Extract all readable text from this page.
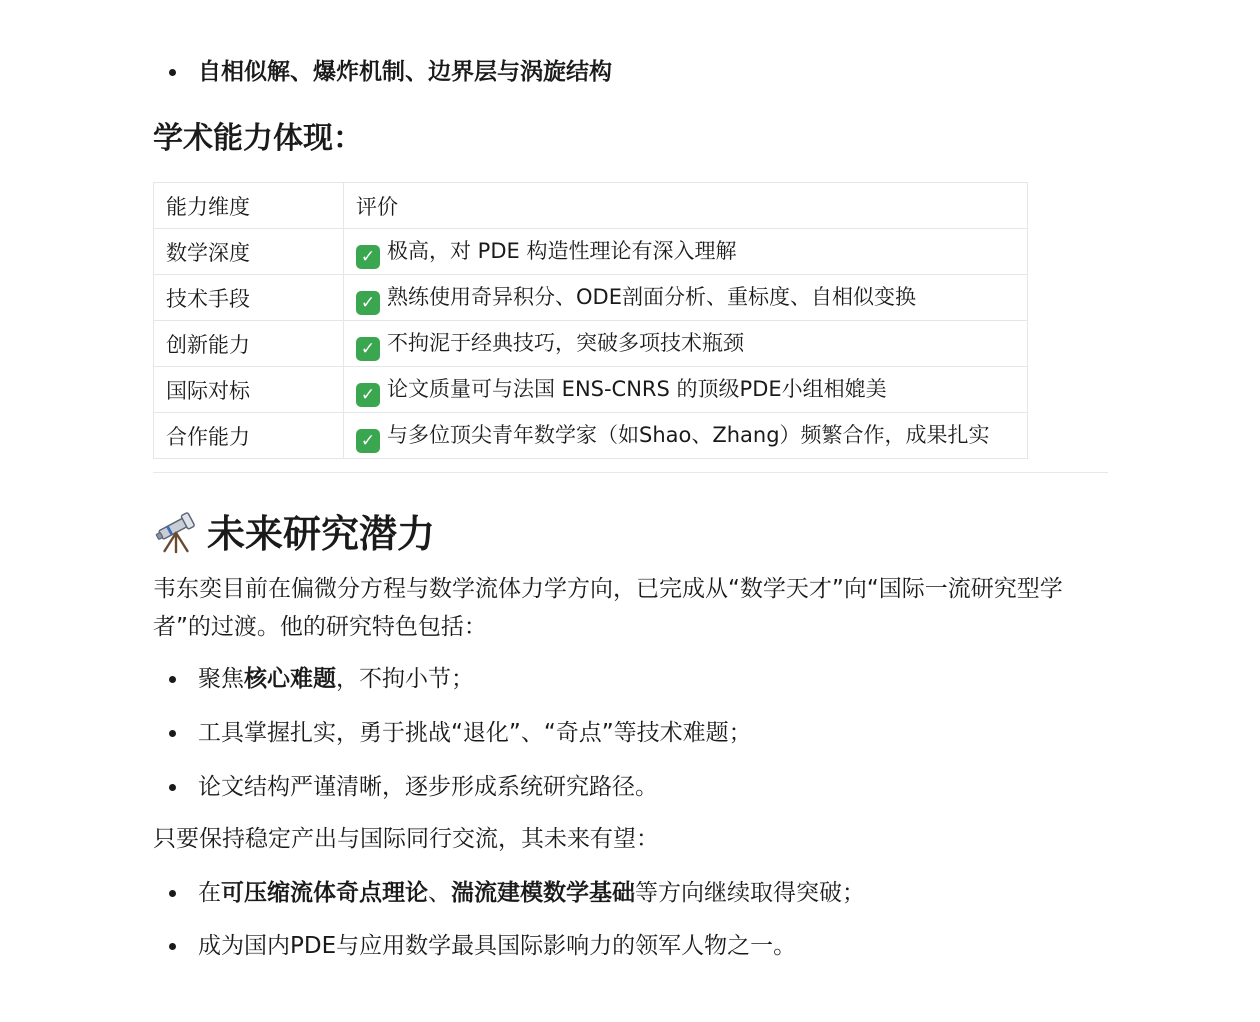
自相似解、爆炸机制、边界层与涡旋结构
学术能力体现：
能力维度	评价
数学深度	✓ 极高，对 PDE 构造性理论有深入理解
技术手段	✓ 熟练使用奇异积分、ODE剖面分析、重标度、自相似变换
创新能力	✓ 不拘泥于经典技巧，突破多项技术瓶颈
国际对标	✓ 论文质量可与法国 ENS-CNRS 的顶级PDE小组相媲美
合作能力	✓ 与多位顶尖青年数学家（如Shao、Zhang）频繁合作，成果扎实
未来研究潜力

韦东奕目前在偏微分方程与数学流体力学方向，已完成从“数学天才”向“国际一流研究型学者”的过渡。他的研究特色包括：

聚焦核心难题，不拘小节；
工具掌握扎实，勇于挑战“退化”、“奇点”等技术难题；
论文结构严谨清晰，逐步形成系统研究路径。

只要保持稳定产出与国际同行交流，其未来有望：

在可压缩流体奇点理论、湍流建模数学基础等方向继续取得突破；
成为国内PDE与应用数学最具国际影响力的领军人物之一。
